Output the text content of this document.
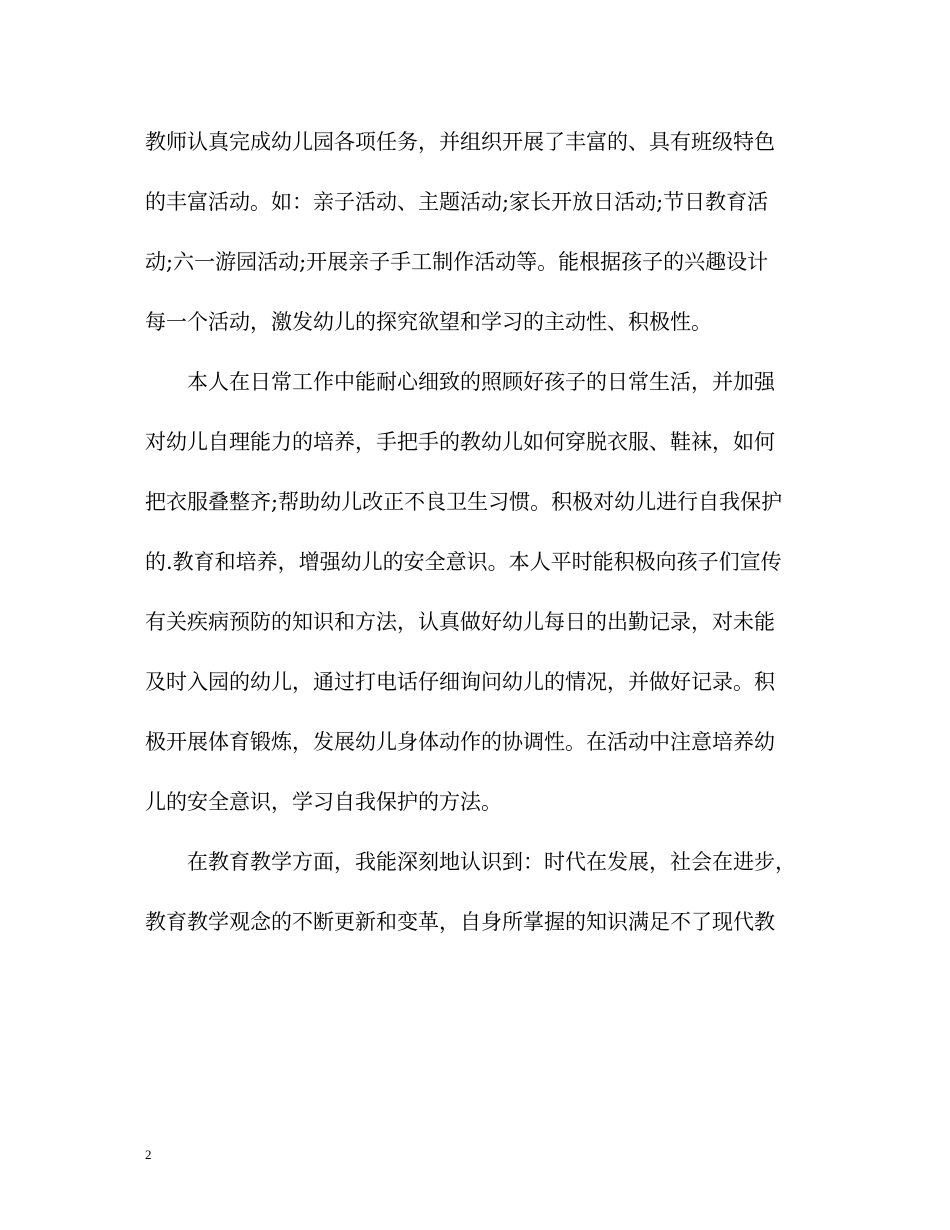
教师认真完成幼儿园各项任务，并组织开展了丰富的、具有班级特色
的丰富活动。如：亲子活动、主题活动;家长开放日活动;节日教育活
动;六一游园活动;开展亲子手工制作活动等。能根据孩子的兴趣设计
每一个活动，激发幼儿的探究欲望和学习的主动性、积极性。

本人在日常工作中能耐心细致的照顾好孩子的日常生活，并加强
对幼儿自理能力的培养，手把手的教幼儿如何穿脱衣服、鞋袜，如何
把衣服叠整齐;帮助幼儿改正不良卫生习惯。积极对幼儿进行自我保护
的.教育和培养，增强幼儿的安全意识。本人平时能积极向孩子们宣传
有关疾病预防的知识和方法，认真做好幼儿每日的出勤记录，对未能
及时入园的幼儿，通过打电话仔细询问幼儿的情况，并做好记录。积
极开展体育锻炼，发展幼儿身体动作的协调性。在活动中注意培养幼
儿的安全意识，学习自我保护的方法。

在教育教学方面，我能深刻地认识到：时代在发展，社会在进步，
教育教学观念的不断更新和变革，自身所掌握的知识满足不了现代教

2
